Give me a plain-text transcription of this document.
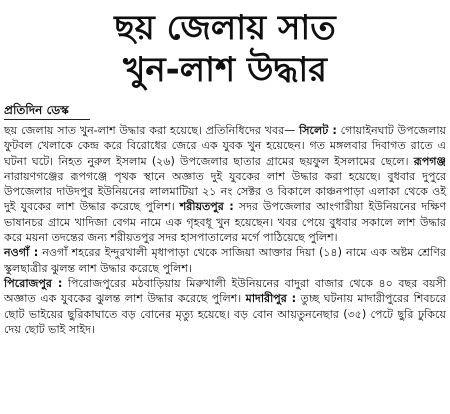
ছয় জেলায় সাত
খুন-লাশ উদ্ধার
প্রতিদিন ডেস্ক
ছয় জেলায় সাত খুন-লাশ উদ্ধার করা হয়েছে। প্রতিনিধিদের খবর— সিলেট : গোয়াইনঘাট উপজেলায় ফুটবল খেলাকে কেন্দ্র করে বিরোধের জেরে এক যুবক খুন হয়েছেন। গত মঙ্গলবার দিবাগত রাতে এ ঘটনা ঘটে। নিহত নুরুল ইসলাম (২৬) উপজেলার ছাতার গ্রামের ছয়ফুল ইসলামের ছেলে। রূপগঞ্জ নারায়ণগঞ্জের রূপগঞ্জে পৃথক স্থানে অজ্ঞাত দুই যুবকের লাশ উদ্ধার করা হয়েছে। বুধবার দুপুরে উপজেলার দাউদপুর ইউনিয়নের লালমাটিয়া ২১ নং সেক্টর ও বিকালে কাঞ্চনপাড়া এলাকা থেকে ওই দুই যুবকের লাশ উদ্ধার করেছে পুলিশ। শরীয়তপুর : সদর উপজেলার আংগারীয়া ইউনিয়নের দক্ষিণ ভাষানচর গ্রামে খাদিজা বেগম নামে এক গৃহবধূ খুন হয়েছেন। খবর পেয়ে বুধবার সকালে লাশ উদ্ধার করে ময়না তদন্তের জন্য শরীয়তপুর সদর হাসপাতালের মর্গে পাঠিয়েছে পুলিশ।
নওগাঁ : নওগাঁ শহরের ইন্দুরখালী মৃধাপাড়া থেকে সাজিয়া আক্তার দিয়া (১৪) নামে এক অষ্টম শ্রেণির স্কুলছাত্রীর ঝুলন্ত লাশ উদ্ধার করেছে পুলিশ।
পিরোজপুর : পিরোজপুরের মঠবাড়িয়ায় মিরুখালী ইউনিয়নের বাদুরা বাজার থেকে ৪০ বছর বয়সী অজ্ঞাত এক যুবকের ঝুলন্ত লাশ উদ্ধার করেছে পুলিশ। মাদারীপুর : তুচ্ছ ঘটনায় মাদারীপুরের শিবচরে ছোট ভাইয়ের ছুরিকাঘাতে বড় বোনের মৃত্যু হয়েছে। বড় বোন আয়তুননেছার (৩৫) পেটে ছুরি ঢুকিয়ে দেয় ছোট ভাই সাইদ।
